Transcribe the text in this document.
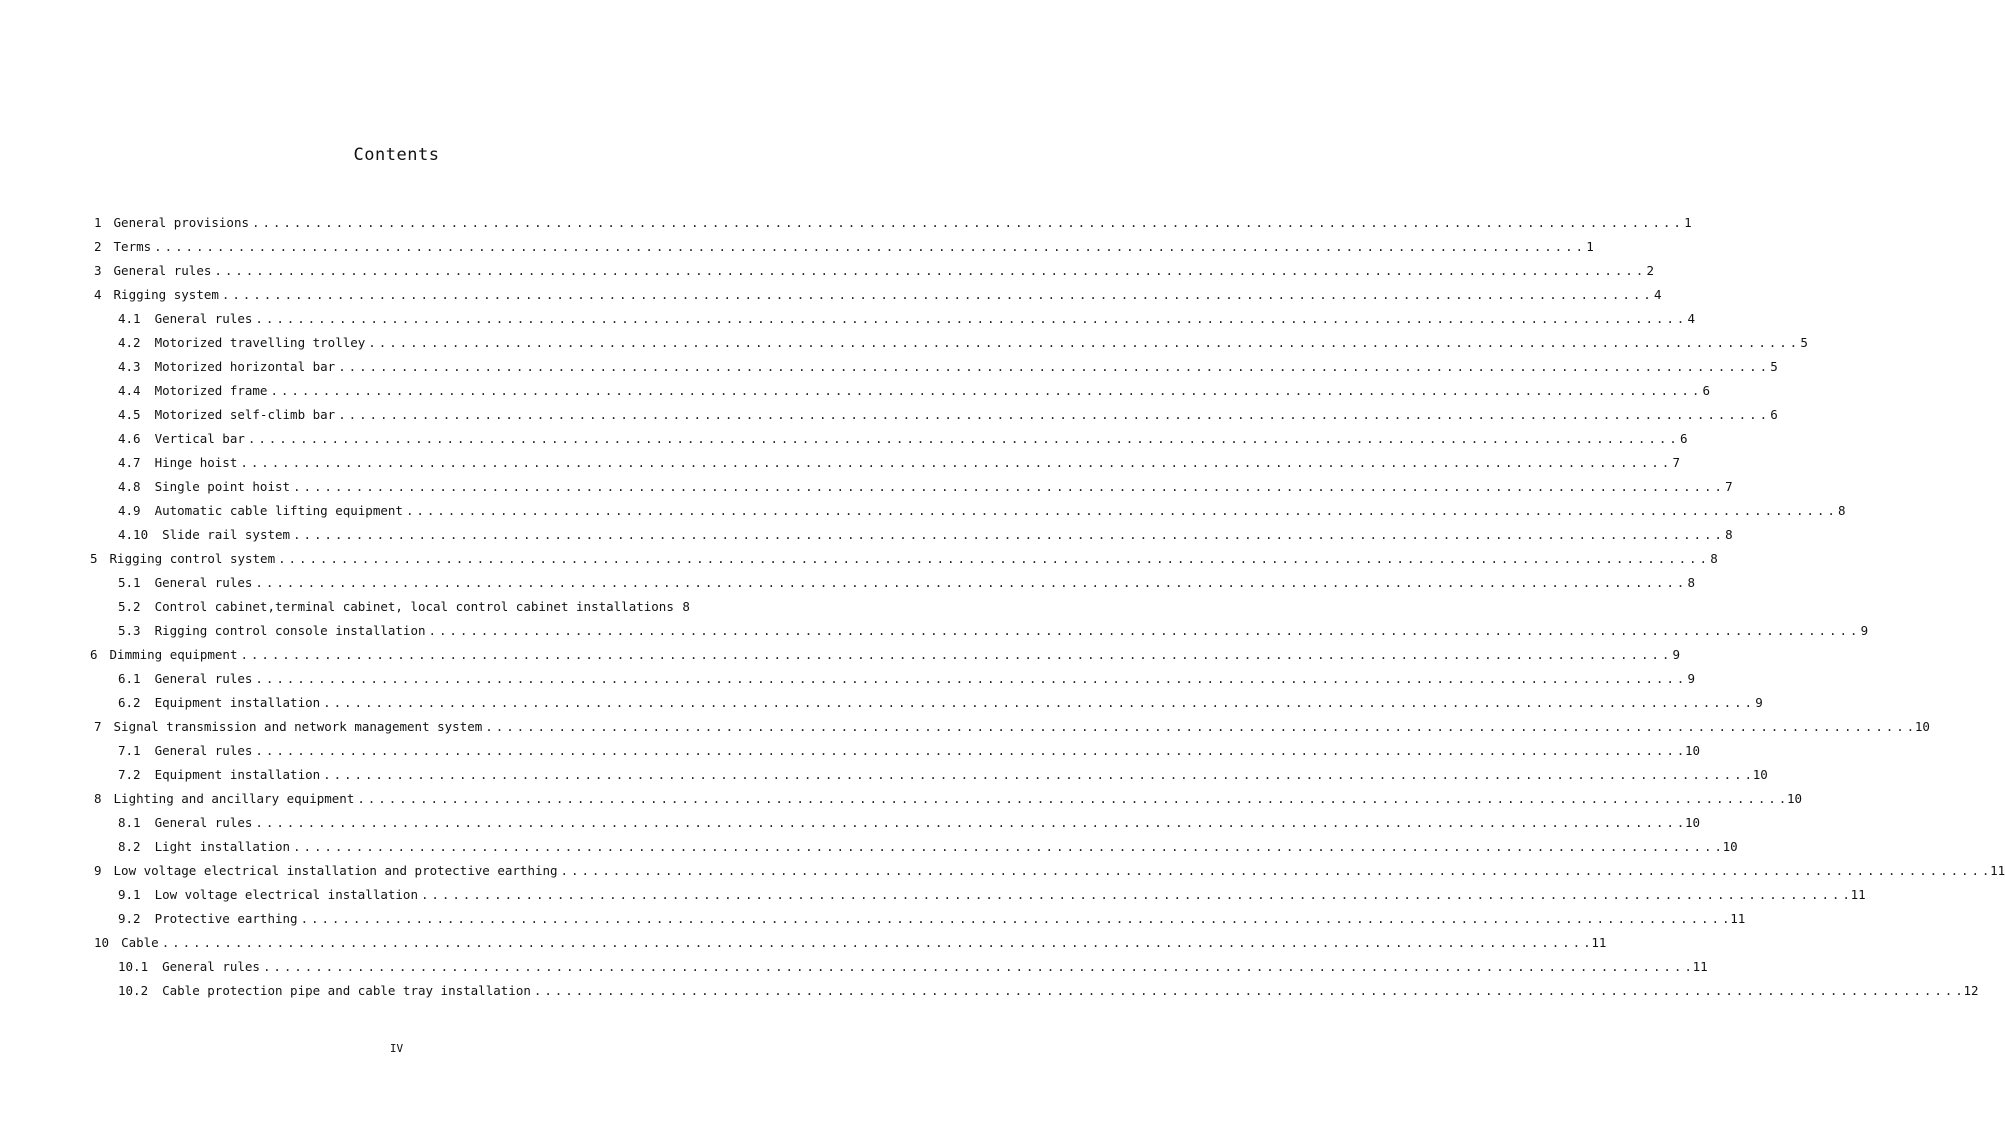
Contents
1 General provisions . . .	1
2 Terms . . .	1
3 General rules . . .	2
4 Rigging system . . .	4
4.1 General rules . . .	4
4.2 Motorized travelling trolley . . .	5
4.3 Motorized horizontal bar . . .	5
4.4 Motorized frame . . .	6
4.5 Motorized self-climb bar . . .	6
4.6 Vertical bar . . .	6
4.7 Hinge hoist . . .	7
4.8 Single point hoist . . .	7
4.9 Automatic cable lifting equipment . . .	8
4.10 Slide rail system . . .	8
5 Rigging control system . . .	8
5.1 General rules . . .	8
5.2 Control cabinet,terminal cabinet, local control cabinet installations 8
5.3 Rigging control console installation . . .	9
6 Dimming equipment . . .	9
6.1 General rules . . .	9
6.2 Equipment installation . . .	9
7 Signal transmission and network management system . . .	10
7.1 General rules . . .	10
7.2 Equipment installation . . .	10
8 Lighting and ancillary equipment . . .	10
8.1 General rules . . .	10
8.2 Light installation . . .	10
9 Low voltage electrical installation and protective earthing . . .	11
9.1 Low voltage electrical installation . . .	11
9.2 Protective earthing . . .	11
10 Cable . . .	11
10.1 General rules . . .	11
10.2 Cable protection pipe and cable tray installation . . .	12
IV
